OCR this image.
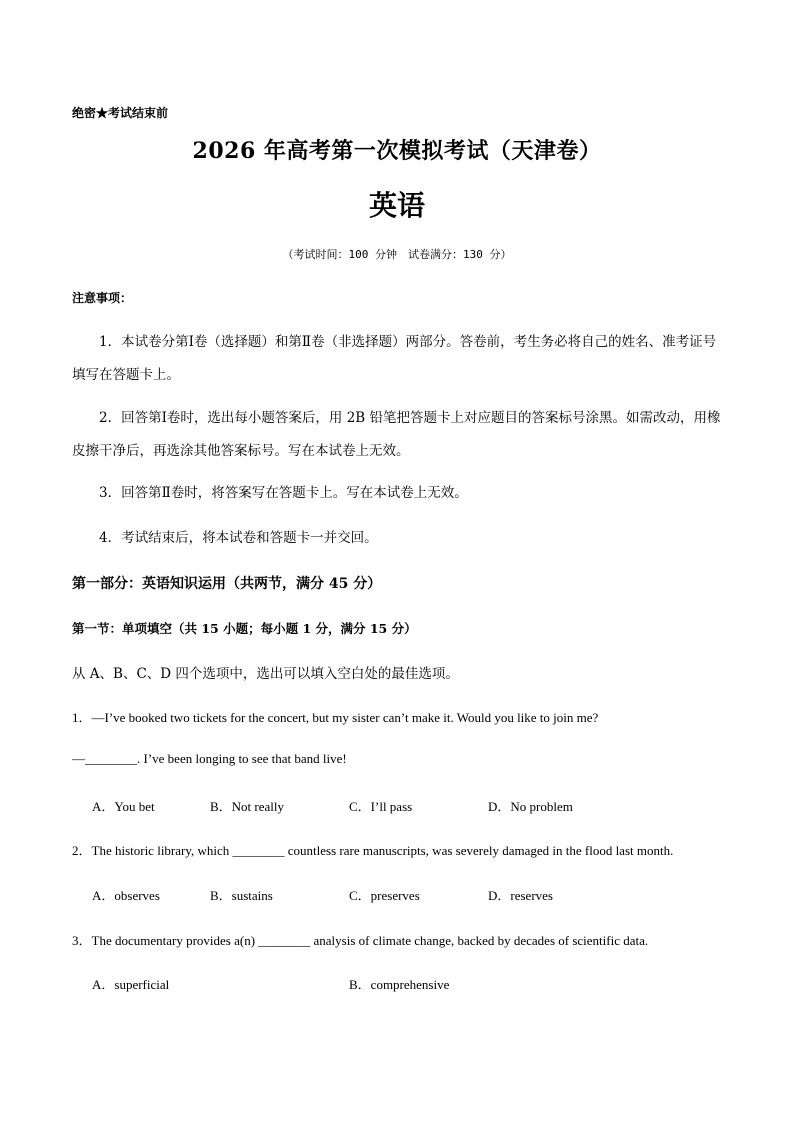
绝密★考试结束前
2026 年高考第一次模拟考试（天津卷）
英语
（考试时间：100 分钟　试卷满分：130 分）
注意事项：
1．本试卷分第Ⅰ卷（选择题）和第Ⅱ卷（非选择题）两部分。答卷前，考生务必将自己的姓名、准考证号填写在答题卡上。
2．回答第Ⅰ卷时，选出每小题答案后，用 2B 铅笔把答题卡上对应题目的答案标号涂黑。如需改动，用橡皮擦干净后，再选涂其他答案标号。写在本试卷上无效。
3．回答第Ⅱ卷时，将答案写在答题卡上。写在本试卷上无效。
4．考试结束后，将本试卷和答题卡一并交回。
第一部分：英语知识运用（共两节，满分 45 分）
第一节：单项填空（共 15 小题；每小题 1 分，满分 15 分）
从 A、B、C、D 四个选项中，选出可以填入空白处的最佳选项。
1．—I’ve booked two tickets for the concert, but my sister can’t make it. Would you like to join me?
—________. I’ve been longing to see that band live!
A．You bet	B．Not really	C．I’ll pass	D．No problem
2．The historic library, which ________ countless rare manuscripts, was severely damaged in the flood last month.
A．observes	B．sustains	C．preserves	D．reserves
3．The documentary provides a(n) ________ analysis of climate change, backed by decades of scientific data.
A．superficial	B．comprehensive
